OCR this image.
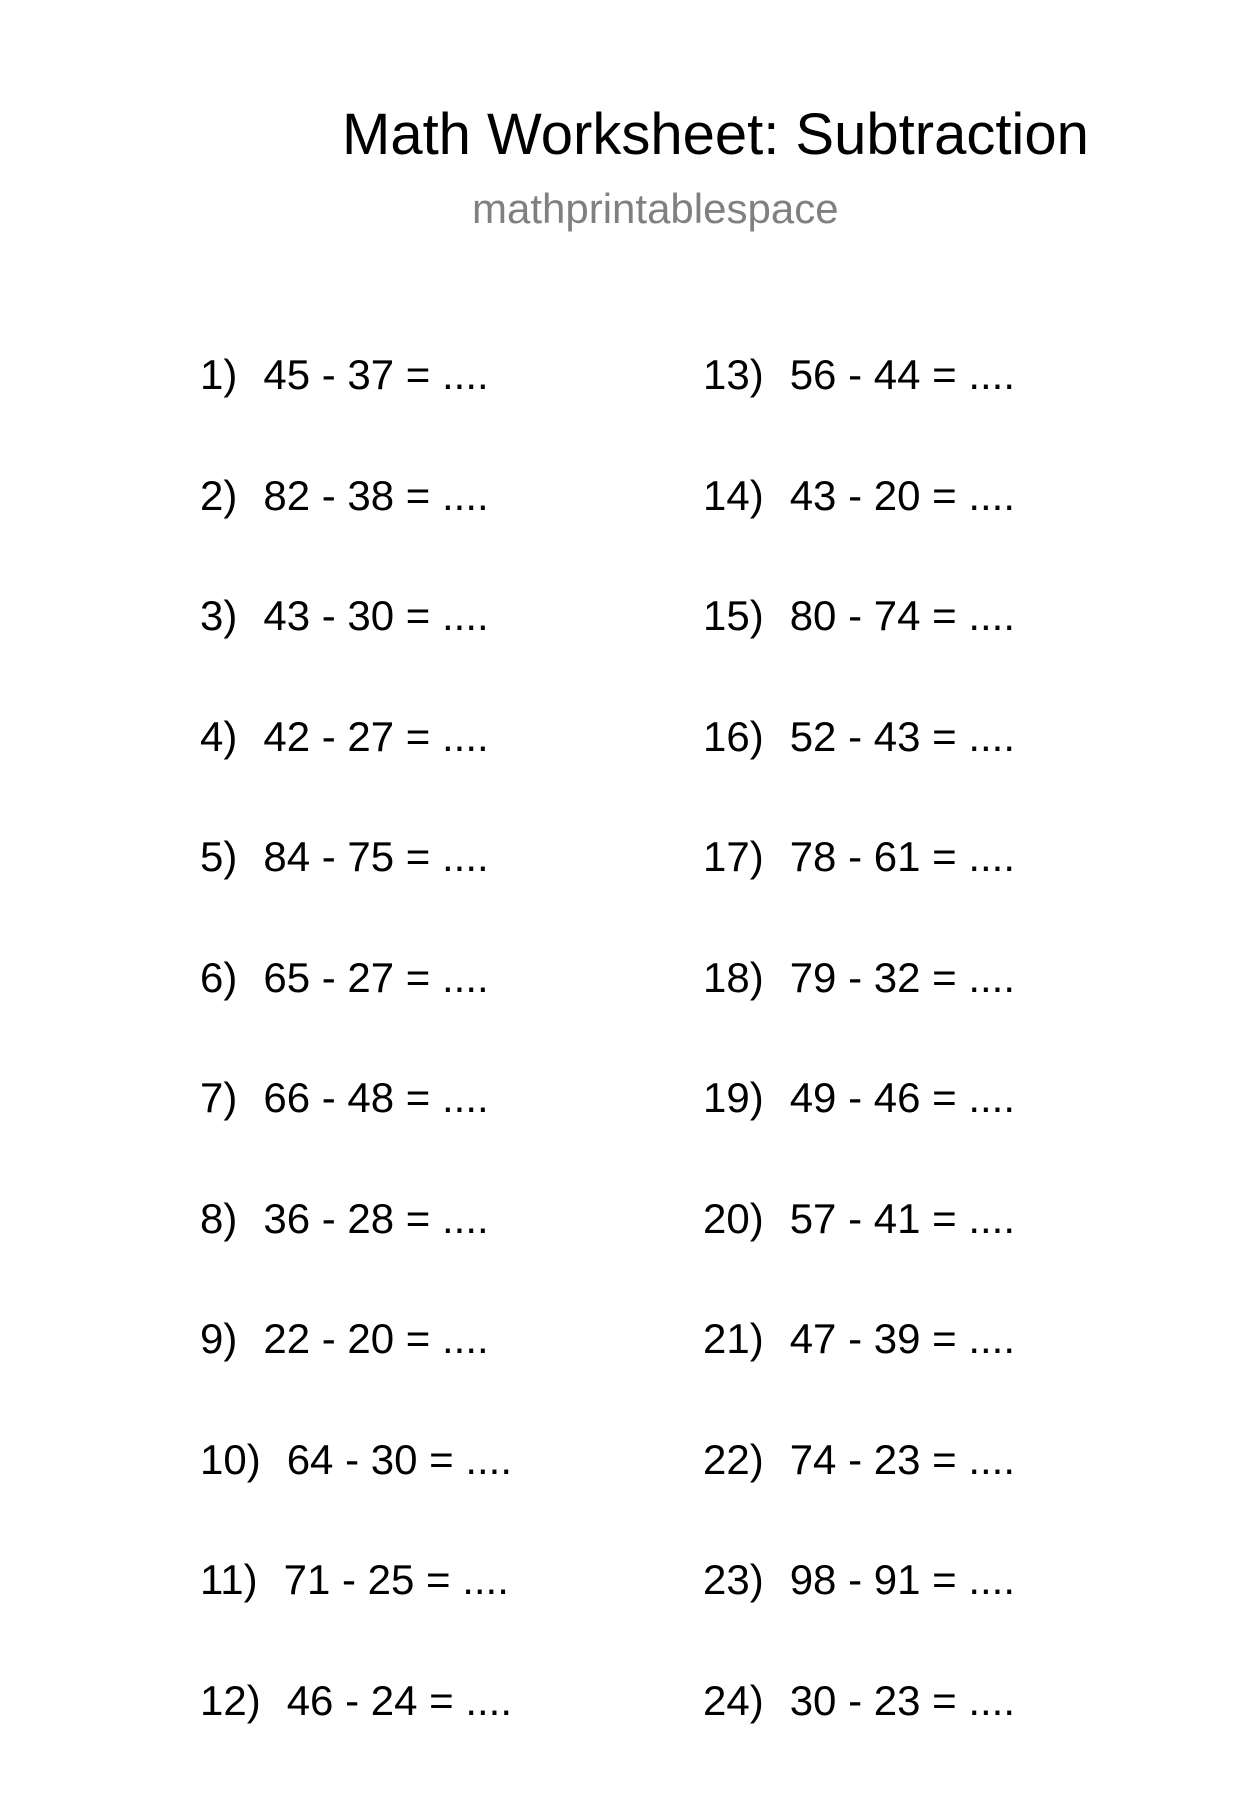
Math Worksheet: Subtraction
mathprintablespace
1) 45 - 37 = ....
2) 82 - 38 = ....
3) 43 - 30 = ....
4) 42 - 27 = ....
5) 84 - 75 = ....
6) 65 - 27 = ....
7) 66 - 48 = ....
8) 36 - 28 = ....
9) 22 - 20 = ....
10) 64 - 30 = ....
11) 71 - 25 = ....
12) 46 - 24 = ....
13) 56 - 44 = ....
14) 43 - 20 = ....
15) 80 - 74 = ....
16) 52 - 43 = ....
17) 78 - 61 = ....
18) 79 - 32 = ....
19) 49 - 46 = ....
20) 57 - 41 = ....
21) 47 - 39 = ....
22) 74 - 23 = ....
23) 98 - 91 = ....
24) 30 - 23 = ....
